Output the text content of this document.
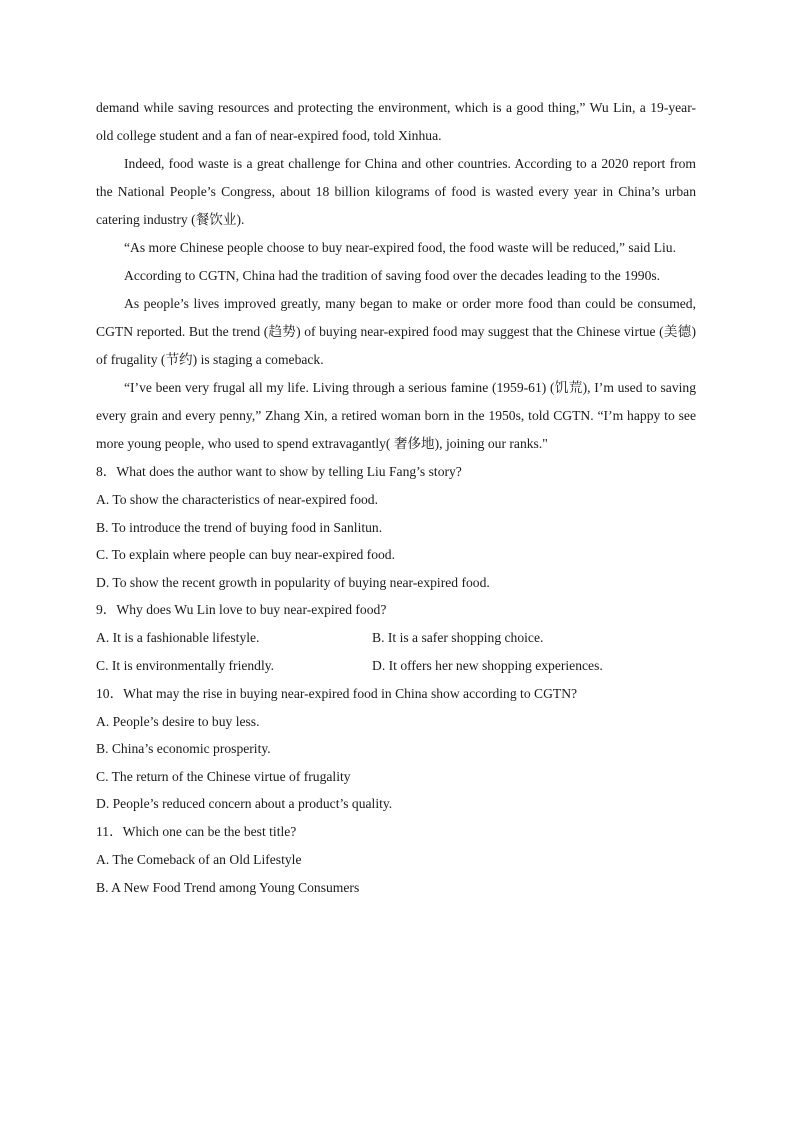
demand while saving resources and protecting the environment, which is a good thing,” Wu Lin, a 19-year-old college student and a fan of near-expired food, told Xinhua.

Indeed, food waste is a great challenge for China and other countries. According to a 2020 report from the National People’s Congress, about 18 billion kilograms of food is wasted every year in China’s urban catering industry (餐饮业).

“As more Chinese people choose to buy near-expired food, the food waste will be reduced,” said Liu.

According to CGTN, China had the tradition of saving food over the decades leading to the 1990s.

As people’s lives improved greatly, many began to make or order more food than could be consumed, CGTN reported. But the trend (趋势) of buying near-expired food may suggest that the Chinese virtue (美德) of frugality (节约) is staging a comeback.

“I’ve been very frugal all my life. Living through a serious famine (1959-61) (饥荒), I’m used to saving every grain and every penny,” Zhang Xin, a retired woman born in the 1950s, told CGTN. “I’m happy to see more young people, who used to spend extravagantly( 奢侈地), joining our ranks."

8．What does the author want to show by telling Liu Fang’s story?

A. To show the characteristics of near-expired food.

B. To introduce the trend of buying food in Sanlitun.

C. To explain where people can buy near-expired food.

D. To show the recent growth in popularity of buying near-expired food.

9．Why does Wu Lin love to buy near-expired food?

A. It is a fashionable lifestyle.	B. It is a safer shopping choice.
C. It is environmentally friendly.	D. It offers her new shopping experiences.

10．What may the rise in buying near-expired food in China show according to CGTN?

A. People’s desire to buy less.

B. China’s economic prosperity.

C. The return of the Chinese virtue of frugality

D. People’s reduced concern about a product’s quality.

11．Which one can be the best title?

A. The Comeback of an Old Lifestyle

B. A New Food Trend among Young Consumers
